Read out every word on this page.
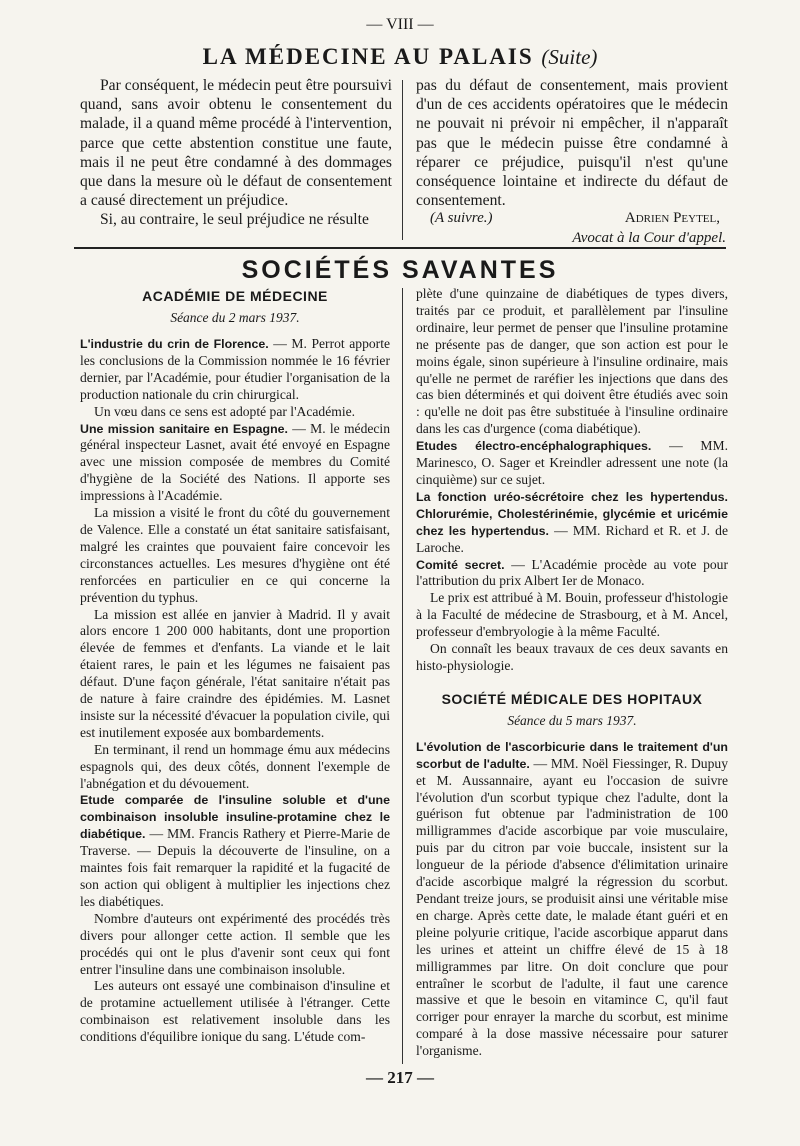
— VIII —
LA MÉDECINE AU PALAIS (Suite)

Par conséquent, le médecin peut être poursuivi quand, sans avoir obtenu le consentement du malade, il a quand même procédé à l'intervention, parce que cette abstention constitue une faute, mais il ne peut être condamné à des dommages que dans la mesure où le défaut de consentement a causé directement un préjudice.

Si, au contraire, le seul préjudice ne résulte

pas du défaut de consentement, mais provient d'un de ces accidents opératoires que le médecin ne pouvait ni prévoir ni empêcher, il n'apparaît pas que le médecin puisse être condamné à réparer ce préjudice, puisqu'il n'est qu'une conséquence lointaine et indirecte du défaut de consentement.

(A suivre.)	Adrien Peytel,
Avocat à la Cour d'appel.
SOCIÉTÉS SAVANTES
ACADÉMIE DE MÉDECINE
Séance du 2 mars 1937.

L'industrie du crin de Florence. — M. Perrot apporte les conclusions de la Commission nommée le 16 février dernier, par l'Académie, pour étudier l'organisation de la production nationale du crin chirurgical.

Un vœu dans ce sens est adopté par l'Académie.

Une mission sanitaire en Espagne. — M. le médecin général inspecteur Lasnet, avait été envoyé en Espagne avec une mission composée de membres du Comité d'hygiène de la Société des Nations. Il apporte ses impressions à l'Académie.

La mission a visité le front du côté du gouvernement de Valence. Elle a constaté un état sanitaire satisfaisant, malgré les craintes que pouvaient faire concevoir les circonstances actuelles. Les mesures d'hygiène ont été renforcées en particulier en ce qui concerne la prévention du typhus.

La mission est allée en janvier à Madrid. Il y avait alors encore 1 200 000 habitants, dont une proportion élevée de femmes et d'enfants. La viande et le lait étaient rares, le pain et les légumes ne faisaient pas défaut. D'une façon générale, l'état sanitaire n'était pas de nature à faire craindre des épidémies. M. Lasnet insiste sur la nécessité d'évacuer la population civile, qui est inutilement exposée aux bombardements.

En terminant, il rend un hommage ému aux médecins espagnols qui, des deux côtés, donnent l'exemple de l'abnégation et du dévouement.

Etude comparée de l'insuline soluble et d'une combinaison insoluble insuline-protamine chez le diabétique. — MM. Francis Rathery et Pierre-Marie de Traverse. — Depuis la découverte de l'insuline, on a maintes fois fait remarquer la rapidité et la fugacité de son action qui obligent à multiplier les injections chez les diabétiques.

Nombre d'auteurs ont expérimenté des procédés très divers pour allonger cette action. Il semble que les procédés qui ont le plus d'avenir sont ceux qui font entrer l'insuline dans une combinaison insoluble.

Les auteurs ont essayé une combinaison d'insuline et de protamine actuellement utilisée à l'étranger. Cette combinaison est relativement insoluble dans les conditions d'équilibre ionique du sang. L'étude com-

plète d'une quinzaine de diabétiques de types divers, traités par ce produit, et parallèlement par l'insuline ordinaire, leur permet de penser que l'insuline protamine ne présente pas de danger, que son action est pour le moins égale, sinon supérieure à l'insuline ordinaire, mais qu'elle ne permet de raréfier les injections que dans des cas bien déterminés et qui doivent être étudiés avec soin : qu'elle ne doit pas être substituée à l'insuline ordinaire dans les cas d'urgence (coma diabétique).

Etudes électro-encéphalographiques. — MM. Marinesco, O. Sager et Kreindler adressent une note (la cinquième) sur ce sujet.

La fonction uréo-sécrétoire chez les hypertendus. Chlorurémie, Cholestérinémie, glycémie et uricémie chez les hypertendus. — MM. Richard et R. et J. de Laroche.

Comité secret. — L'Académie procède au vote pour l'attribution du prix Albert Ier de Monaco.

Le prix est attribué à M. Bouin, professeur d'histologie à la Faculté de médecine de Strasbourg, et à M. Ancel, professeur d'embryologie à la même Faculté.

On connaît les beaux travaux de ces deux savants en histo-physiologie.

SOCIÉTÉ MÉDICALE DES HOPITAUX
Séance du 5 mars 1937.

L'évolution de l'ascorbicurie dans le traitement d'un scorbut de l'adulte. — MM. Noël Fiessinger, R. Dupuy et M. Aussannaire, ayant eu l'occasion de suivre l'évolution d'un scorbut typique chez l'adulte, dont la guérison fut obtenue par l'administration de 100 milligrammes d'acide ascorbique par voie musculaire, puis par du citron par voie buccale, insistent sur la longueur de la période d'absence d'élimitation urinaire d'acide ascorbique malgré la régression du scorbut. Pendant treize jours, se produisit ainsi une véritable mise en charge. Après cette date, le malade étant guéri et en pleine polyurie critique, l'acide ascorbique apparut dans les urines et atteint un chiffre élevé de 15 à 18 milligrammes par litre. On doit conclure que pour entraîner le scorbut de l'adulte, il faut une carence massive et que le besoin en vitamince C, qu'il faut corriger pour enrayer la marche du scorbut, est minime comparé à la dose massive nécessaire pour saturer l'organisme.

— 217 —
